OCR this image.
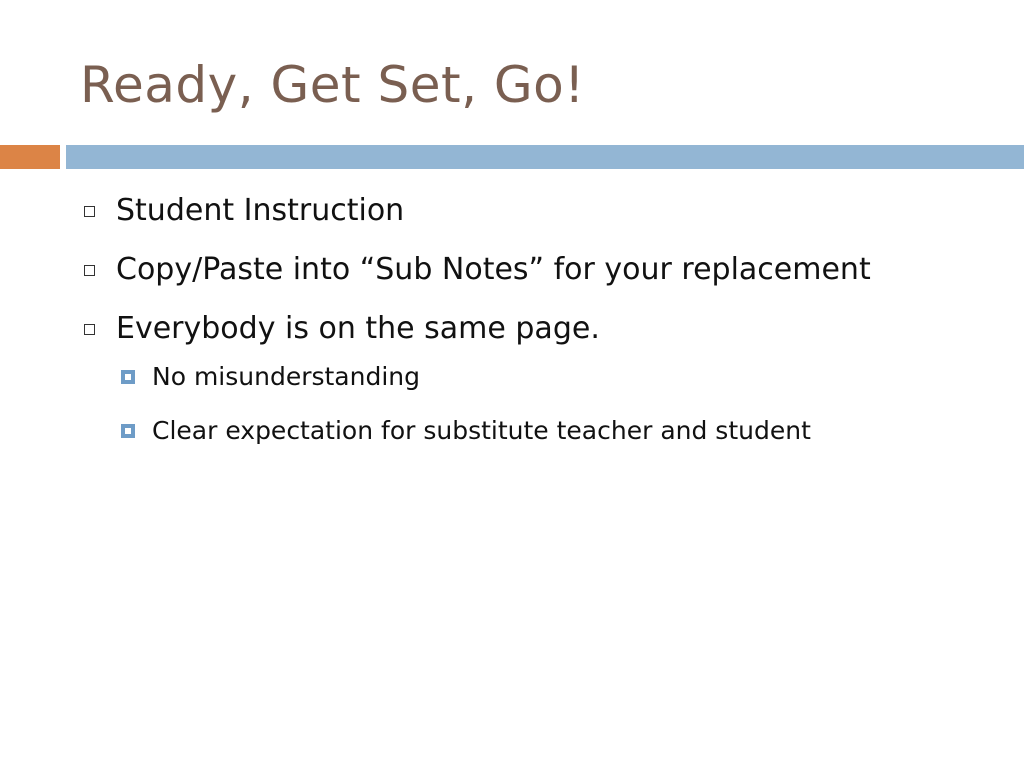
Ready, Get Set, Go!
Student Instruction
Copy/Paste into “Sub Notes” for your replacement
Everybody is on the same page.
No misunderstanding
Clear expectation for substitute teacher and student
